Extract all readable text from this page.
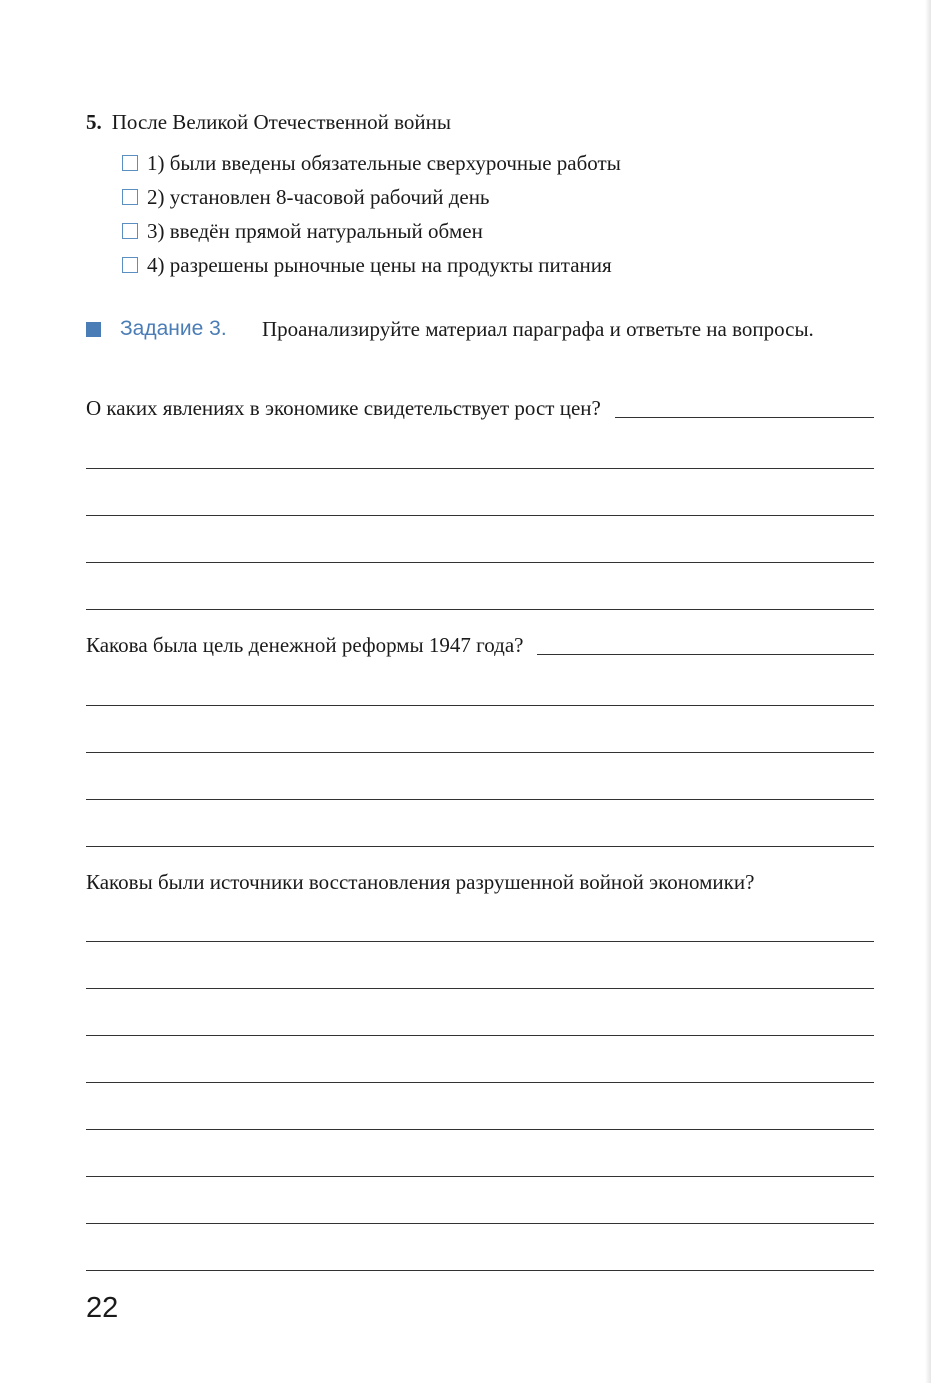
5. После Великой Отечественной войны
1) были введены обязательные сверхурочные работы
2) установлен 8-часовой рабочий день
3) введён прямой натуральный обмен
4) разрешены рыночные цены на продукты питания
Задание 3. Проанализируйте материал параграфа и ответьте на вопросы.
О каких явлениях в экономике свидетельствует рост цен?
Какова была цель денежной реформы 1947 года?
Каковы были источники восстановления разрушенной войной экономики?
22
